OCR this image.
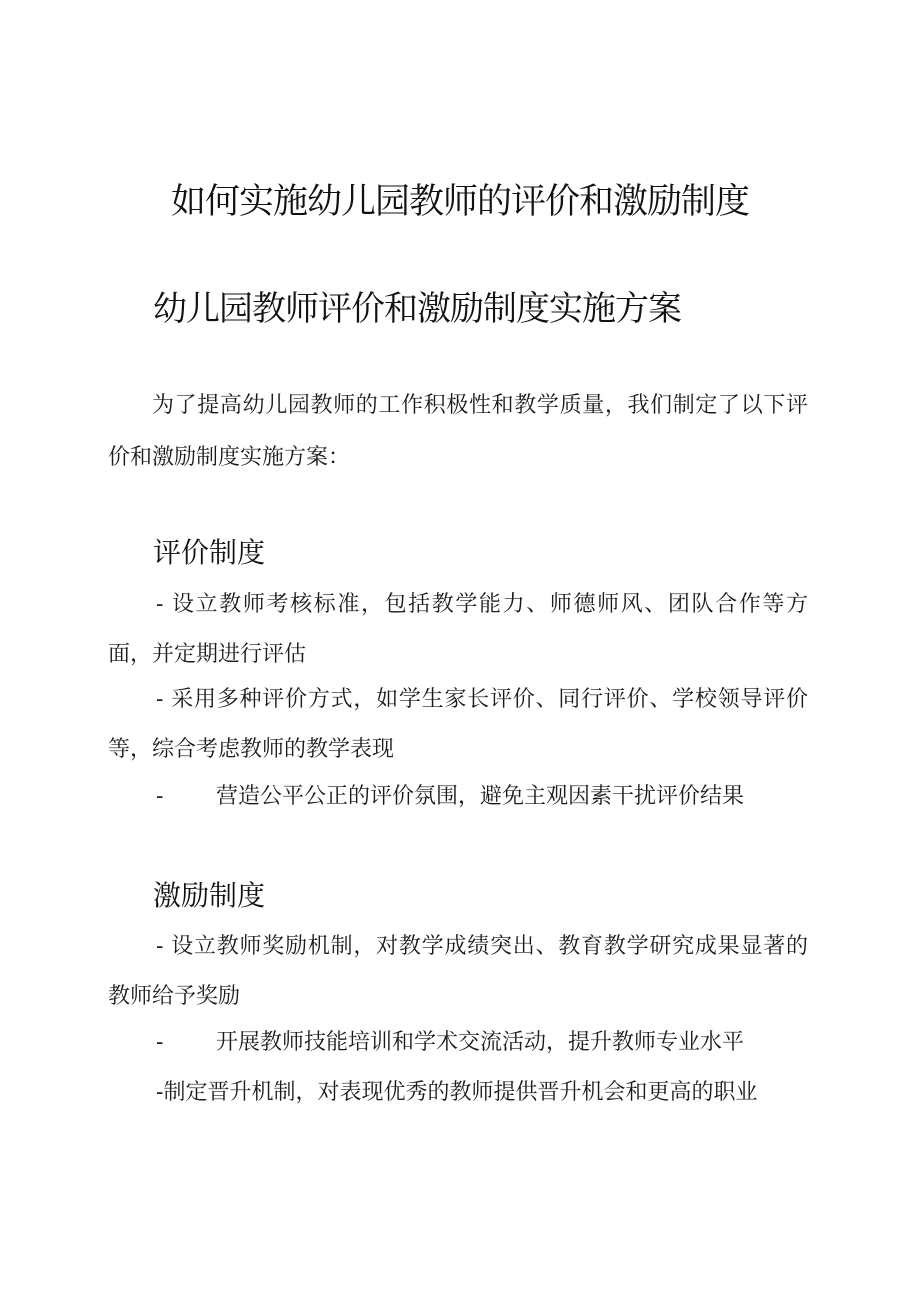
如何实施幼儿园教师的评价和激励制度
幼儿园教师评价和激励制度实施方案
为了提高幼儿园教师的工作积极性和教学质量，我们制定了以下评价和激励制度实施方案：
评价制度
- 设立教师考核标准，包括教学能力、师德师风、团队合作等方面，并定期进行评估
- 采用多种评价方式，如学生家长评价、同行评价、学校领导评价等，综合考虑教师的教学表现
- 营造公平公正的评价氛围，避免主观因素干扰评价结果
激励制度
- 设立教师奖励机制，对教学成绩突出、教育教学研究成果显著的教师给予奖励
- 开展教师技能培训和学术交流活动，提升教师专业水平
-制定晋升机制，对表现优秀的教师提供晋升机会和更高的职业
